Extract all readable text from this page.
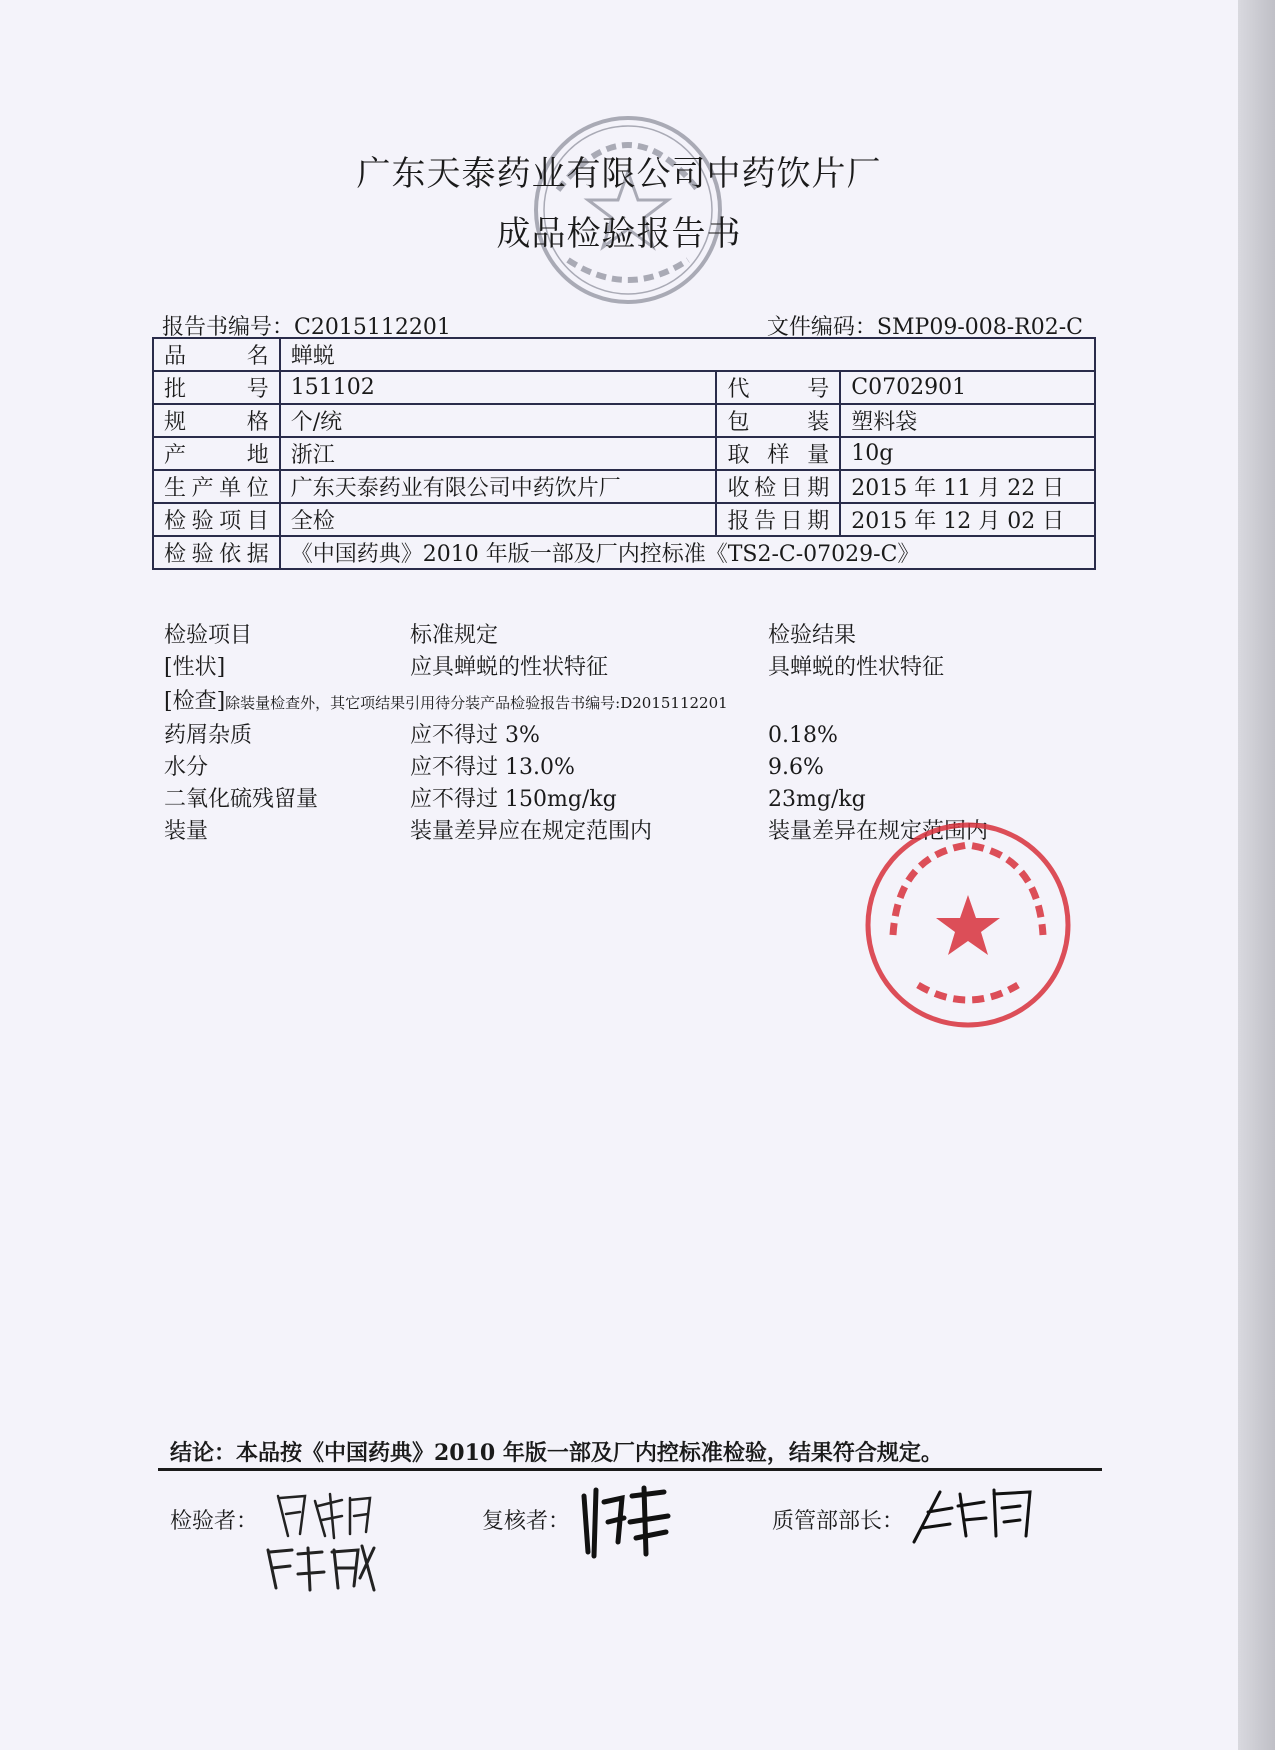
广东天泰药业有限公司中药饮片厂
成品检验报告书
报告书编号：C2015112201	文件编码：SMP09-008-R02-C
品名	蝉蜕		
批号	151102	代号	C0702901
规格	个/统	包装	塑料袋
产地	浙江	取样量	10g
生产单位	广东天泰药业有限公司中药饮片厂	收检日期	2015 年 11 月 22 日
检验项目	全检	报告日期	2015 年 12 月 02 日
检验依据	《中国药典》2010 年版一部及厂内控标准《TS2-C-07029-C》		
检验项目	标准规定	检验结果
[性状]	应具蝉蜕的性状特征	具蝉蜕的性状特征
[检查]除装量检查外，其它项结果引用待分装产品检验报告书编号:D2015112201
药屑杂质	应不得过 3%	0.18%
水分	应不得过 13.0%	9.6%
二氧化硫残留量	应不得过 150mg/kg	23mg/kg
装量	装量差异应在规定范围内	装量差异在规定范围内
结论：本品按《中国药典》2010 年版一部及厂内控标准检验，结果符合规定。
检验者：	复核者：	质管部部长：
